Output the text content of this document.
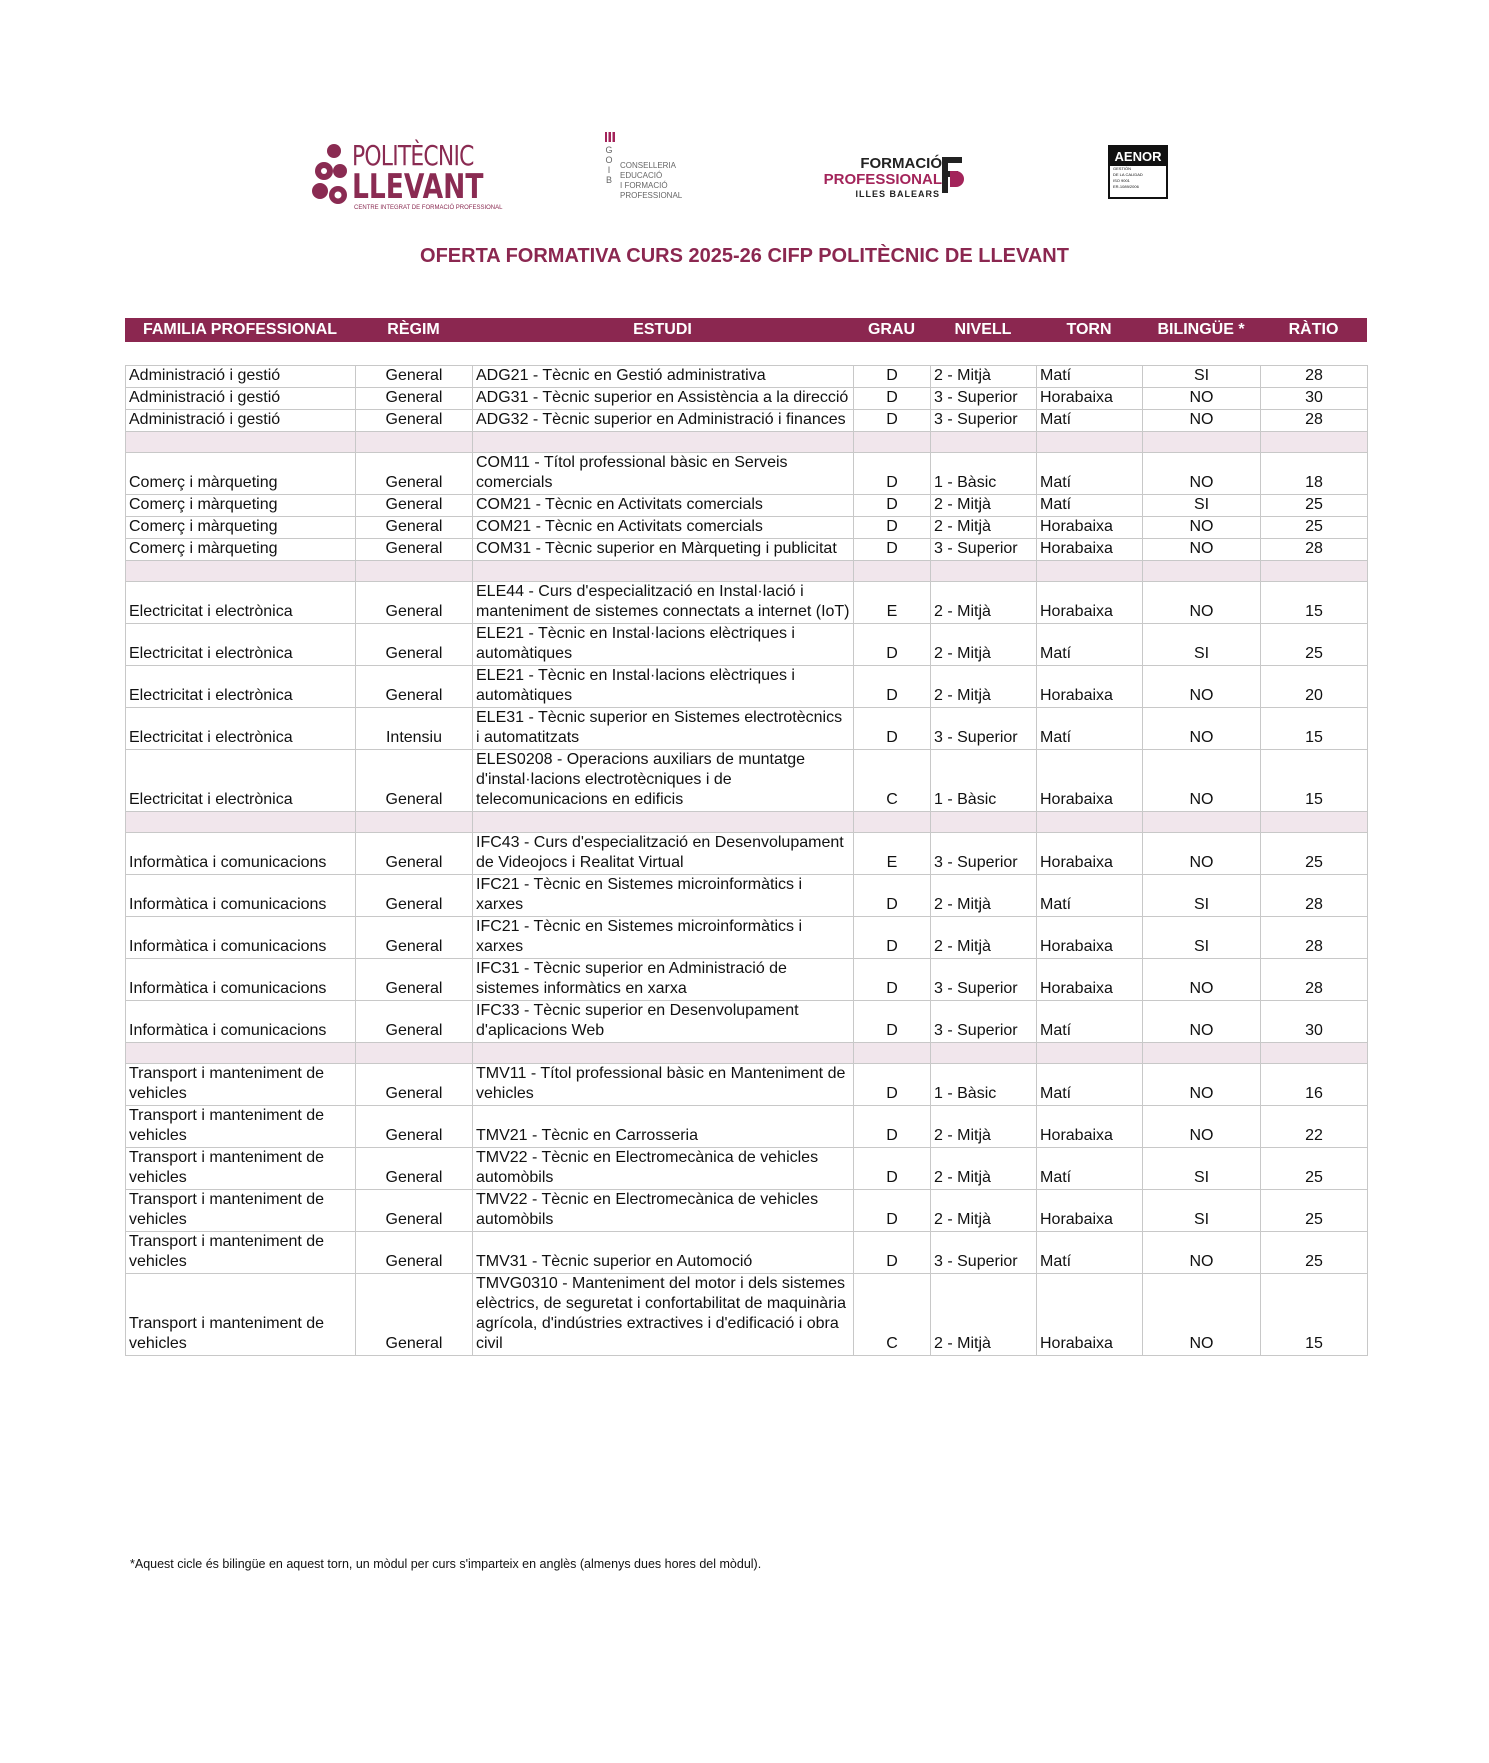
POLITÈCNIC
LLEVANT
CENTRE INTEGRAT DE FORMACIÓ PROFESSIONAL
G
O
I
B
CONSELLERIA
EDUCACIÓ
I FORMACIÓ
PROFESSIONAL
FORMACIÓ
PROFESSIONAL
ILLES BALEARS
AENOR
GESTIÓN
DE LA CALIDAD
ISO 9001
ER-1089/2006
OFERTA FORMATIVA CURS 2025-26 CIFP POLITÈCNIC DE LLEVANT
FAMILIA PROFESSIONAL	RÈGIM	ESTUDI	GRAU	NIVELL	TORN	BILINGÜE *	RÀTIO
Administració i gestió	General	ADG21 - Tècnic en Gestió administrativa	D	2 - Mitjà	Matí	SI	28
Administració i gestió	General	ADG31 - Tècnic superior en Assistència a la direcció	D	3 - Superior	Horabaixa	NO	30
Administració i gestió	General	ADG32 - Tècnic superior en Administració i finances	D	3 - Superior	Matí	NO	28

Comerç i màrqueting	General	COM11 - Títol professional bàsic en Serveis comercials	D	1 - Bàsic	Matí	NO	18
Comerç i màrqueting	General	COM21 - Tècnic en Activitats comercials	D	2 - Mitjà	Matí	SI	25
Comerç i màrqueting	General	COM21 - Tècnic en Activitats comercials	D	2 - Mitjà	Horabaixa	NO	25
Comerç i màrqueting	General	COM31 - Tècnic superior en Màrqueting i publicitat	D	3 - Superior	Horabaixa	NO	28

Electricitat i electrònica	General	ELE44 - Curs d'especialització en Instal·lació i manteniment de sistemes connectats a internet (IoT)	E	2 - Mitjà	Horabaixa	NO	15
Electricitat i electrònica	General	ELE21 - Tècnic en Instal·lacions elèctriques i automàtiques	D	2 - Mitjà	Matí	SI	25
Electricitat i electrònica	General	ELE21 - Tècnic en Instal·lacions elèctriques i automàtiques	D	2 - Mitjà	Horabaixa	NO	20
Electricitat i electrònica	Intensiu	ELE31 - Tècnic superior en Sistemes electrotècnics i automatitzats	D	3 - Superior	Matí	NO	15
Electricitat i electrònica	General	ELES0208 - Operacions auxiliars de muntatge d'instal·lacions electrotècniques i de telecomunicacions en edificis	C	1 - Bàsic	Horabaixa	NO	15

Informàtica i comunicacions	General	IFC43 - Curs d'especialització en Desenvolupament de Videojocs i Realitat Virtual	E	3 - Superior	Horabaixa	NO	25
Informàtica i comunicacions	General	IFC21 - Tècnic en Sistemes microinformàtics i xarxes	D	2 - Mitjà	Matí	SI	28
Informàtica i comunicacions	General	IFC21 - Tècnic en Sistemes microinformàtics i xarxes	D	2 - Mitjà	Horabaixa	SI	28
Informàtica i comunicacions	General	IFC31 - Tècnic superior en Administració de sistemes informàtics en xarxa	D	3 - Superior	Horabaixa	NO	28
Informàtica i comunicacions	General	IFC33 - Tècnic superior en Desenvolupament d'aplicacions Web	D	3 - Superior	Matí	NO	30

Transport i manteniment de vehicles	General	TMV11 - Títol professional bàsic en Manteniment de vehicles	D	1 - Bàsic	Matí	NO	16
Transport i manteniment de vehicles	General	TMV21 - Tècnic en Carrosseria	D	2 - Mitjà	Horabaixa	NO	22
Transport i manteniment de vehicles	General	TMV22 - Tècnic en Electromecànica de vehicles automòbils	D	2 - Mitjà	Matí	SI	25
Transport i manteniment de vehicles	General	TMV22 - Tècnic en Electromecànica de vehicles automòbils	D	2 - Mitjà	Horabaixa	SI	25
Transport i manteniment de vehicles	General	TMV31 - Tècnic superior en Automoció	D	3 - Superior	Matí	NO	25
Transport i manteniment de vehicles	General	TMVG0310 - Manteniment del motor i dels sistemes elèctrics, de seguretat i confortabilitat de maquinària agrícola, d'indústries extractives i d'edificació i obra civil	C	2 - Mitjà	Horabaixa	NO	15
*Aquest cicle és bilingüe en aquest torn, un mòdul per curs s'imparteix en anglès (almenys dues hores del mòdul).
